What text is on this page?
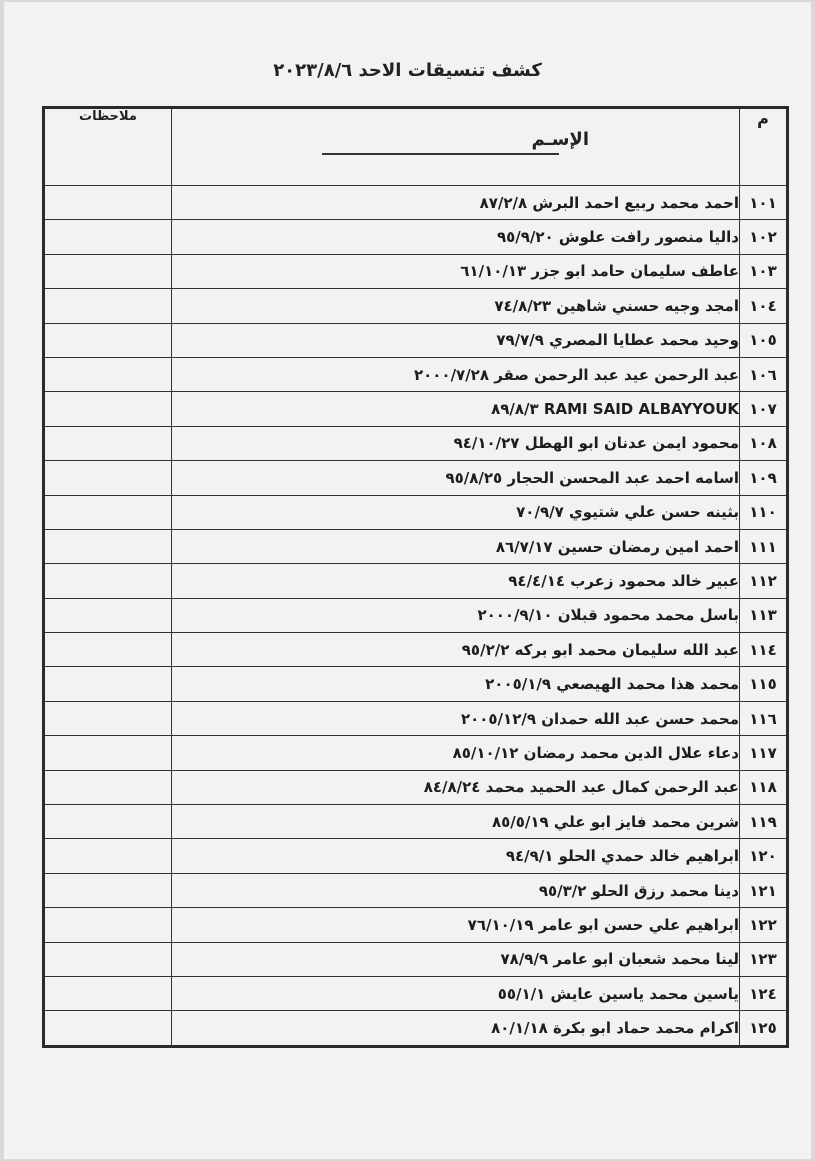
كشف تنسيقات الاحد ٢٠٢٣/٨/٦
م	الإسـم	ملاحظات
١٠١	احمد محمد ربيع احمد البرش ٨٧/٢/٨	
١٠٢	داليا منصور رافت علوش ٩٥/٩/٢٠	
١٠٣	عاطف سليمان حامد ابو جزر ٦١/١٠/١٣	
١٠٤	امجد وجيه حسني شاهين ٧٤/٨/٢٣	
١٠٥	وحيد محمد عطايا المصري ٧٩/٧/٩	
١٠٦	عبد الرحمن عيد عبد الرحمن صقر ٢٠٠٠/٧/٢٨	
١٠٧	RAMI SAID ALBAYYOUK ٨٩/٨/٣	
١٠٨	محمود ايمن عدنان ابو الهطل ٩٤/١٠/٢٧	
١٠٩	اسامه احمد عبد المحسن الحجار ٩٥/٨/٢٥	
١١٠	بثينه حسن علي شتيوي ٧٠/٩/٧	
١١١	احمد امين رمضان حسين ٨٦/٧/١٧	
١١٢	عبير خالد محمود زعرب ٩٤/٤/١٤	
١١٣	باسل محمد محمود قبلان ٢٠٠٠/٩/١٠	
١١٤	عبد الله سليمان محمد ابو بركه ٩٥/٢/٢	
١١٥	محمد هذا محمد الهيصعي ٢٠٠٥/١/٩	
١١٦	محمد حسن عبد الله حمدان ٢٠٠٥/١٢/٩	
١١٧	دعاء علال الدين محمد رمضان ٨٥/١٠/١٢	
١١٨	عبد الرحمن كمال عبد الحميد محمد ٨٤/٨/٢٤	
١١٩	شرين محمد فايز ابو علي ٨٥/٥/١٩	
١٢٠	ابراهيم خالد حمدي الحلو ٩٤/٩/١	
١٢١	دينا محمد رزق الحلو ٩٥/٣/٢	
١٢٢	ابراهيم علي حسن ابو عامر ٧٦/١٠/١٩	
١٢٣	لينا محمد شعبان ابو عامر ٧٨/٩/٩	
١٢٤	ياسين محمد ياسين عايش ٥٥/١/١	
١٢٥	اكرام محمد حماد ابو بكرة ٨٠/١/١٨	
